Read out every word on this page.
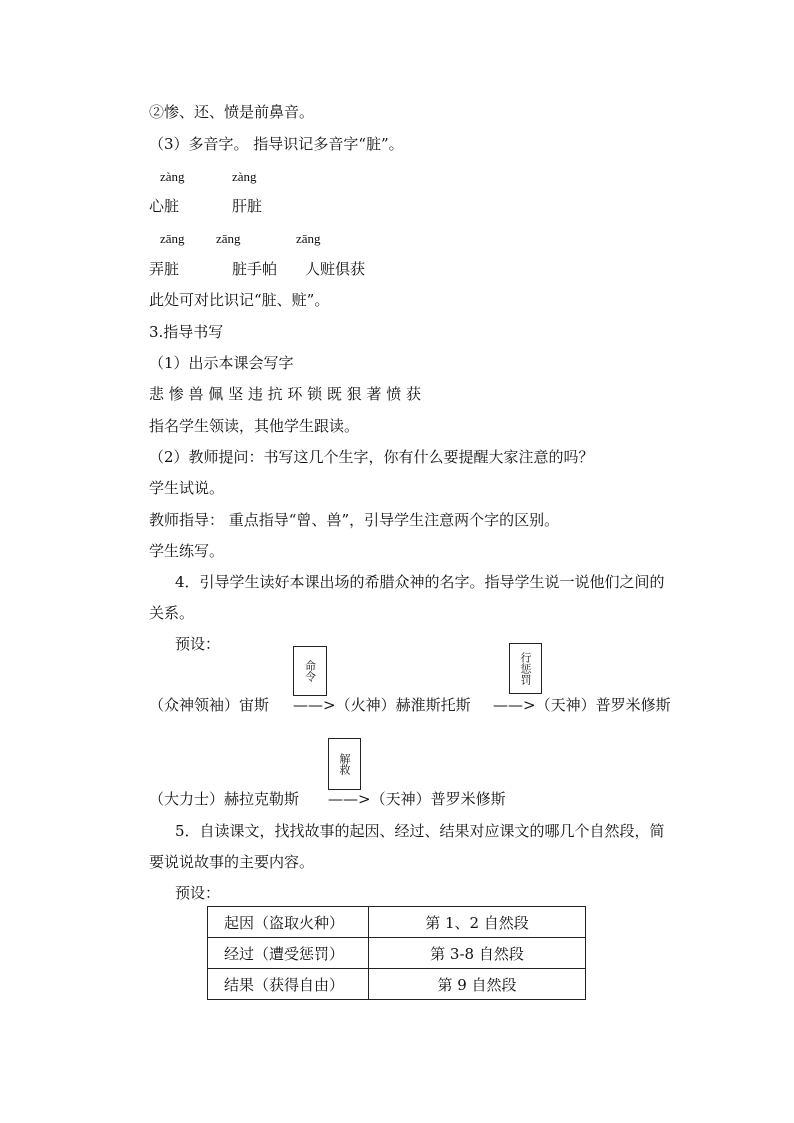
②惨、还、愤是前鼻音。
（3）多音字。 指导识记多音字“脏”。
zàng	zàng
心脏	肝脏
zāng zāng	zāng
弄脏	脏手帕 人赃俱获
此处可对比识记“脏、赃”。
3.指导书写
（1）出示本课会写字
悲 惨 兽 佩 坚 违 抗 环 锁 既 狠 著 愤 获
指名学生领读，其他学生跟读。
（2）教师提问：书写这几个生字，你有什么要提醒大家注意的吗？
学生试说。
教师指导： 重点指导“曾、兽”，引导学生注意两个字的区别。
学生练写。
4．引导学生读好本课出场的希腊众神的名字。指导学生说一说他们之间的
关系。
预设：
命令	行惩罚
（众神领袖）宙斯 ——>（火神）赫淮斯托斯 ——>（天神）普罗米修斯
解救
（大力士）赫拉克勒斯 ——>（天神）普罗米修斯
5．自读课文，找找故事的起因、经过、结果对应课文的哪几个自然段，简
要说说故事的主要内容。
预设：
起因（盗取火种）	第 1、2 自然段
经过（遭受惩罚）	第 3-8 自然段
结果（获得自由）	第 9 自然段
